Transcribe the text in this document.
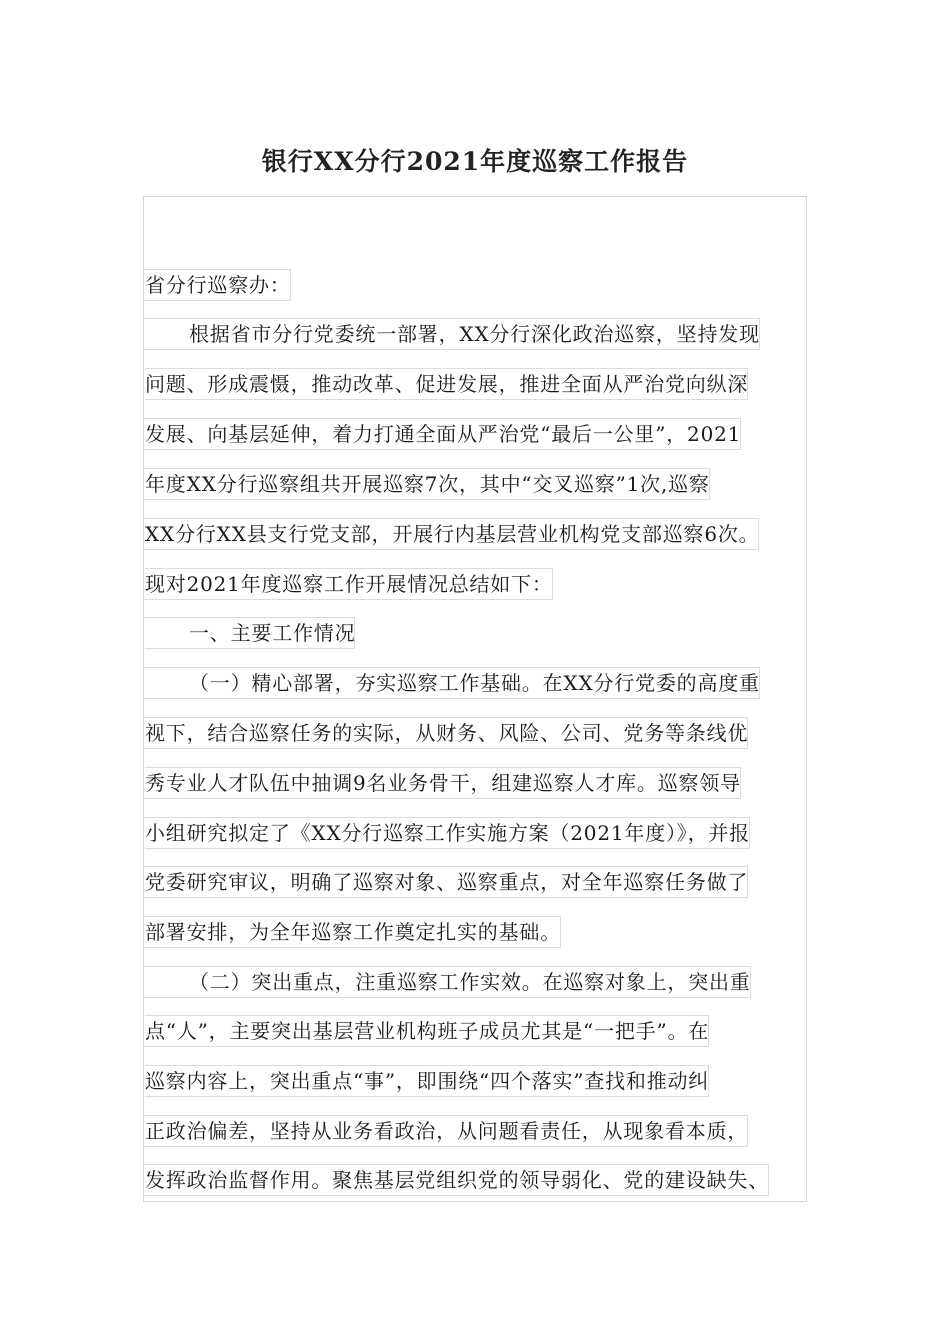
银行XX分行2021年度巡察工作报告
省分行巡察办：
根据省市分行党委统一部署，XX分行深化政治巡察，坚持发现
问题、形成震慑，推动改革、促进发展，推进全面从严治党向纵深
发展、向基层延伸，着力打通全面从严治党“最后一公里”，2021
年度XX分行巡察组共开展巡察7次，其中“交叉巡察”1次,巡察
XX分行XX县支行党支部，开展行内基层营业机构党支部巡察6次。
现对2021年度巡察工作开展情况总结如下：
一、主要工作情况
（一）精心部署，夯实巡察工作基础。在XX分行党委的高度重
视下，结合巡察任务的实际，从财务、风险、公司、党务等条线优
秀专业人才队伍中抽调9名业务骨干，组建巡察人才库。巡察领导
小组研究拟定了《XX分行巡察工作实施方案（2021年度）》，并报
党委研究审议，明确了巡察对象、巡察重点，对全年巡察任务做了
部署安排，为全年巡察工作奠定扎实的基础。
（二）突出重点，注重巡察工作实效。在巡察对象上，突出重
点“人”，主要突出基层营业机构班子成员尤其是“一把手”。在
巡察内容上，突出重点“事”，即围绕“四个落实”查找和推动纠
正政治偏差，坚持从业务看政治，从问题看责任，从现象看本质，
发挥政治监督作用。聚焦基层党组织党的领导弱化、党的建设缺失、
